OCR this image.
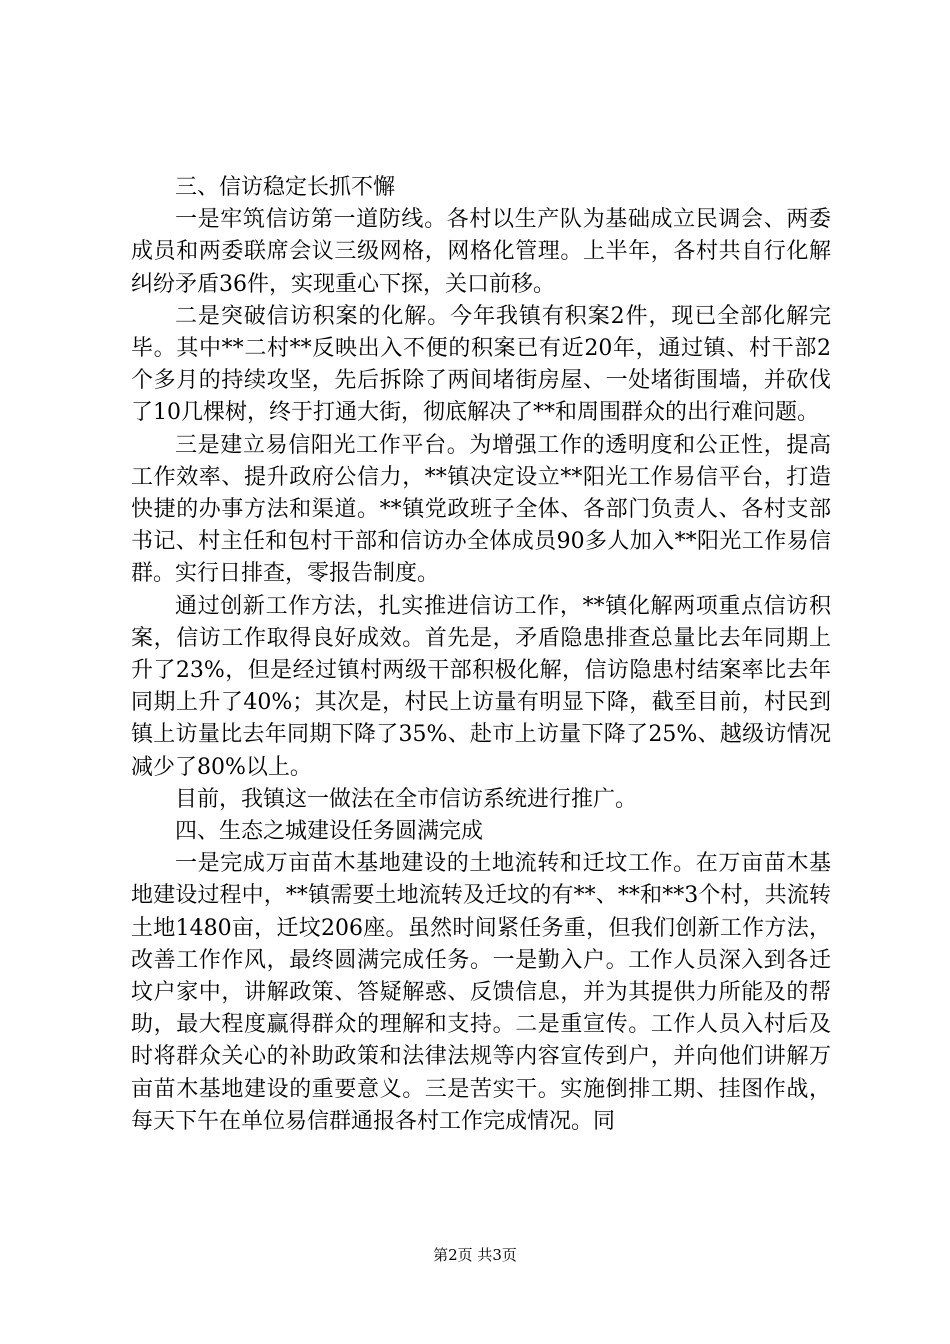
三、信访稳定长抓不懈

一是牢筑信访第一道防线。各村以生产队为基础成立民调会、两委成员和两委联席会议三级网格，网格化管理。上半年，各村共自行化解纠纷矛盾36件，实现重心下探，关口前移。

二是突破信访积案的化解。今年我镇有积案2件，现已全部化解完毕。其中**二村**反映出入不便的积案已有近20年，通过镇、村干部2个多月的持续攻坚，先后拆除了两间堵街房屋、一处堵街围墙，并砍伐了10几棵树，终于打通大街，彻底解决了**和周围群众的出行难问题。

三是建立易信阳光工作平台。为增强工作的透明度和公正性，提高工作效率、提升政府公信力，**镇决定设立**阳光工作易信平台，打造快捷的办事方法和渠道。**镇党政班子全体、各部门负责人、各村支部书记、村主任和包村干部和信访办全体成员90多人加入**阳光工作易信群。实行日排查，零报告制度。

通过创新工作方法，扎实推进信访工作，**镇化解两项重点信访积案，信访工作取得良好成效。首先是，矛盾隐患排查总量比去年同期上升了23%，但是经过镇村两级干部积极化解，信访隐患村结案率比去年同期上升了40%；其次是，村民上访量有明显下降，截至目前，村民到镇上访量比去年同期下降了35%、赴市上访量下降了25%、越级访情况减少了80%以上。

目前，我镇这一做法在全市信访系统进行推广。

四、生态之城建设任务圆满完成

一是完成万亩苗木基地建设的土地流转和迁坟工作。在万亩苗木基地建设过程中，**镇需要土地流转及迁坟的有**、**和**3个村，共流转土地1480亩，迁坟206座。虽然时间紧任务重，但我们创新工作方法，改善工作作风，最终圆满完成任务。一是勤入户。工作人员深入到各迁坟户家中，讲解政策、答疑解惑、反馈信息，并为其提供力所能及的帮助，最大程度赢得群众的理解和支持。二是重宣传。工作人员入村后及时将群众关心的补助政策和法律法规等内容宣传到户，并向他们讲解万亩苗木基地建设的重要意义。三是苦实干。实施倒排工期、挂图作战，每天下午在单位易信群通报各村工作完成情况。同

第2页 共3页
